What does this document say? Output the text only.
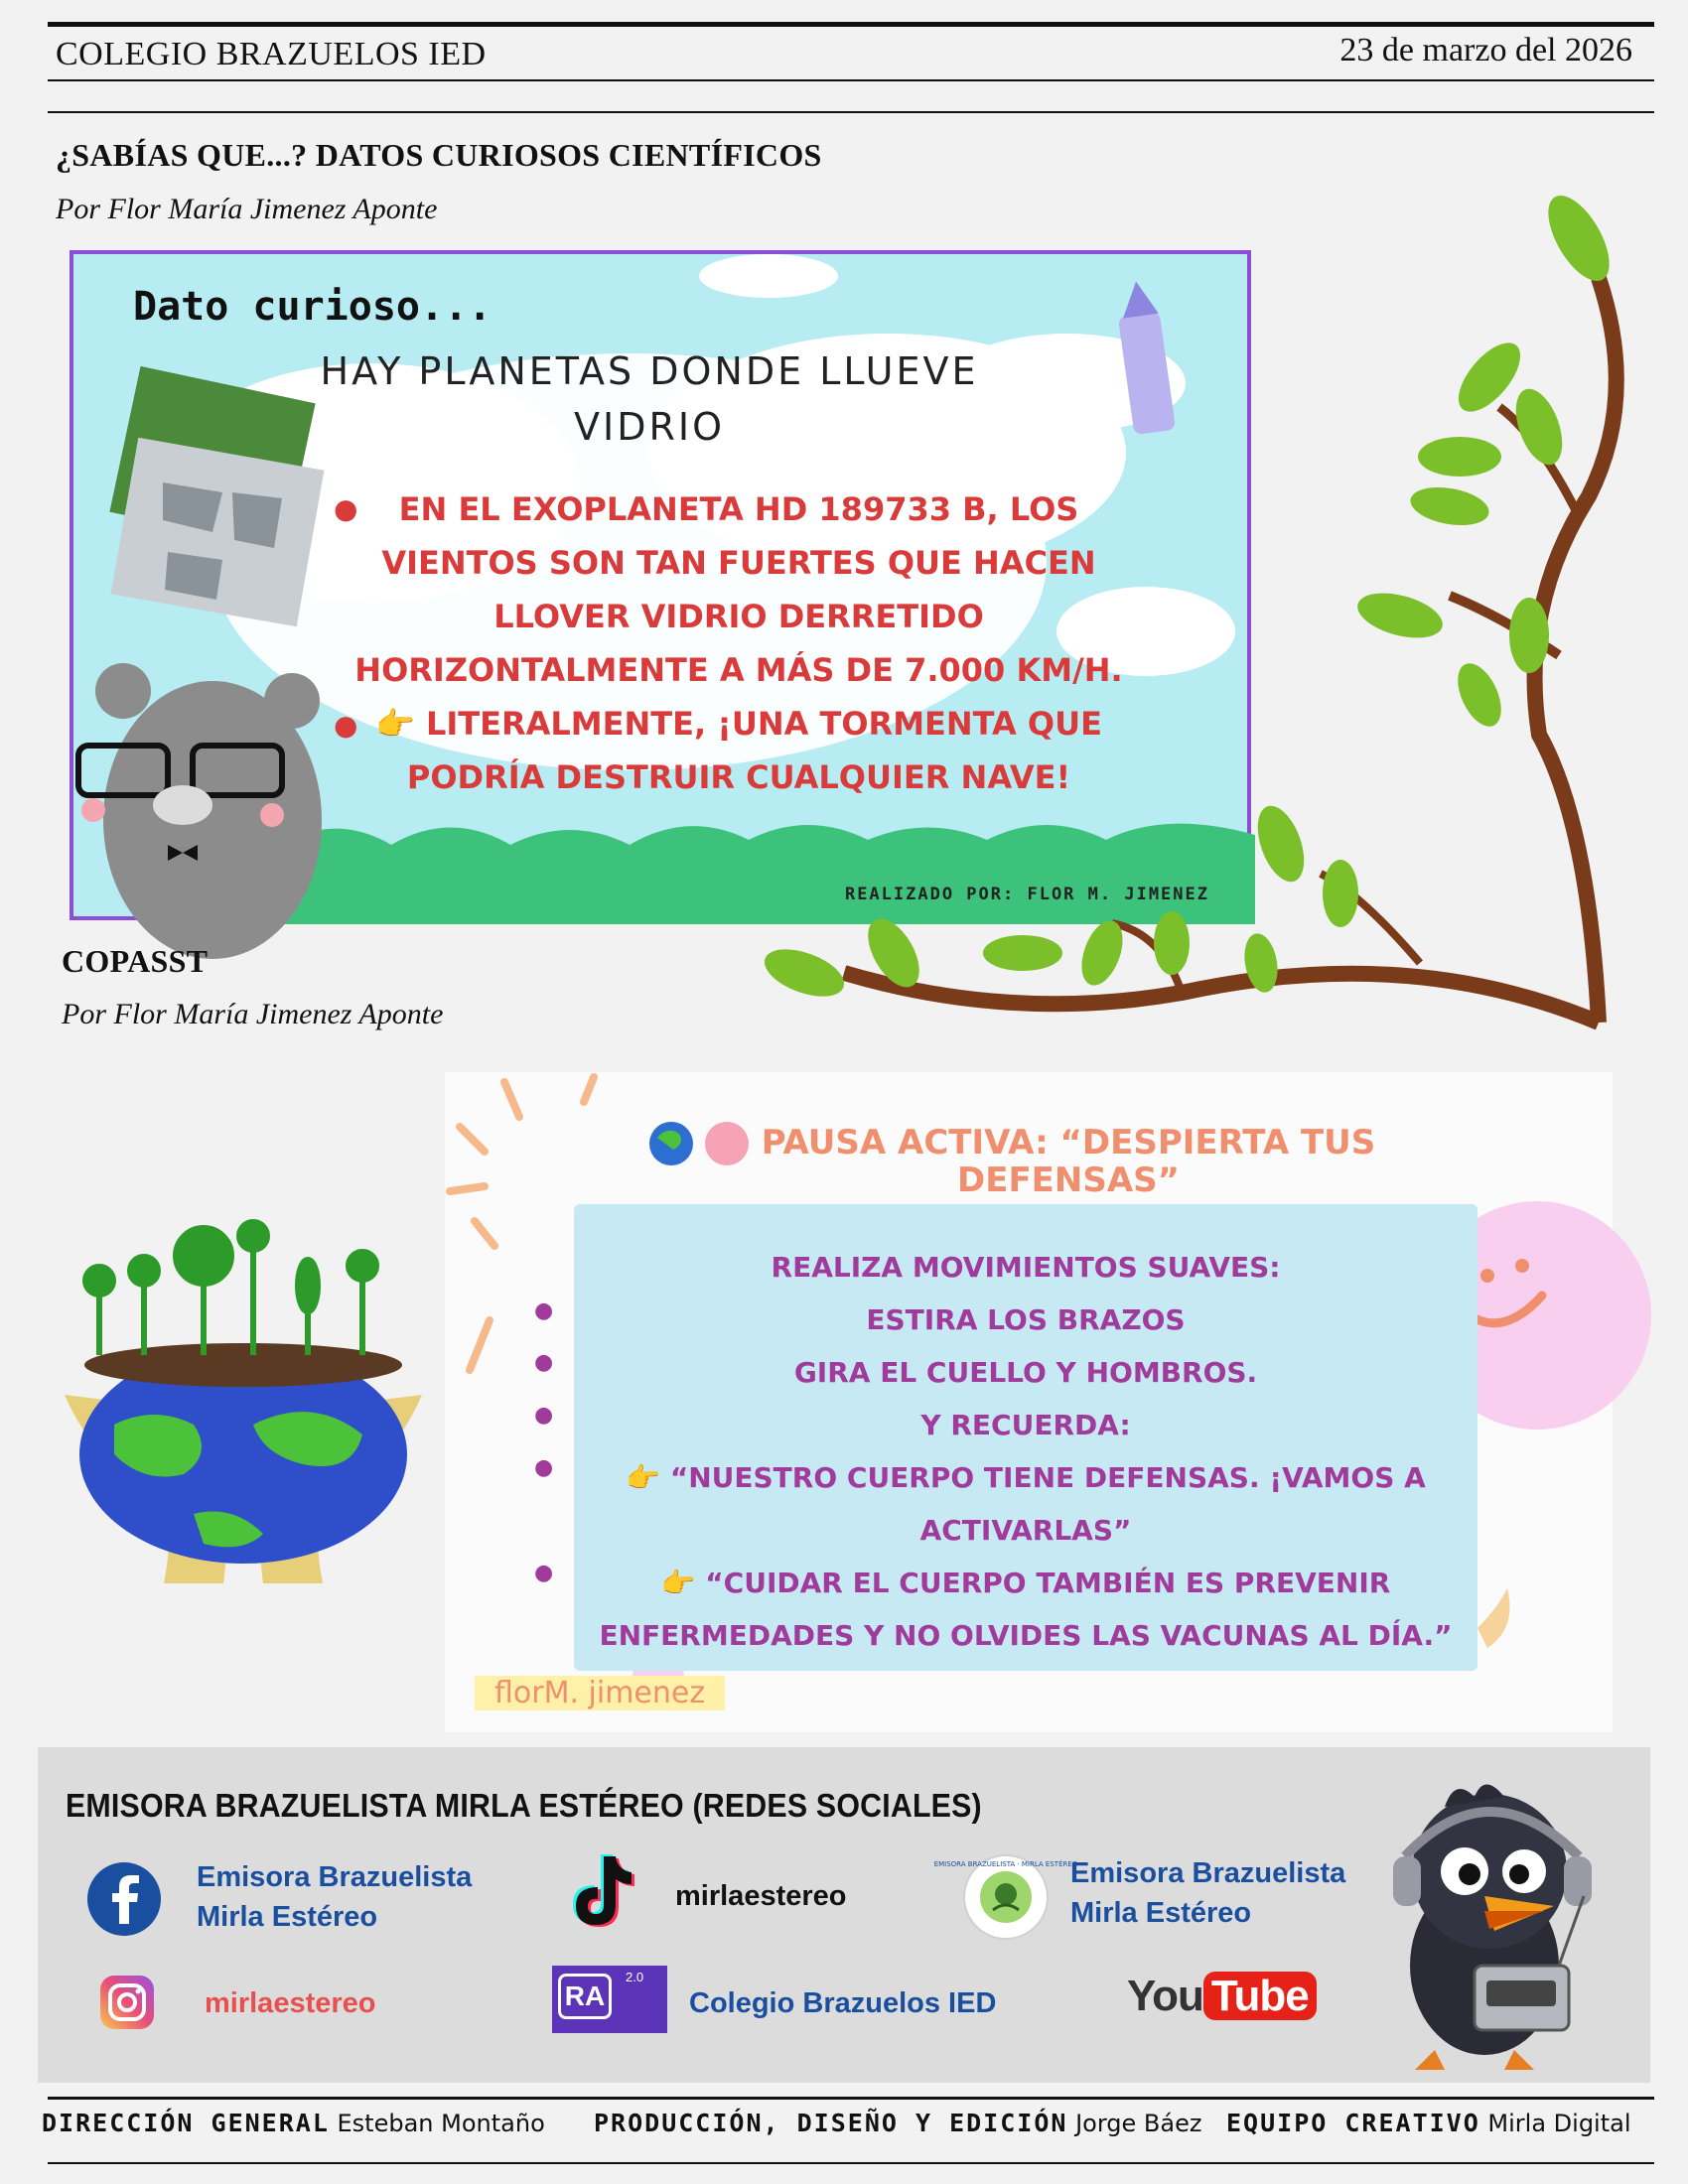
COLEGIO BRAZUELOS IED	23 de marzo del 2026
¿SABÍAS QUE...? DATOS CURIOSOS CIENTÍFICOS
Por Flor María Jimenez Aponte
Dato curioso...
HAY PLANETAS DONDE LLUEVE
VIDRIO
EN EL EXOPLANETA HD 189733 B, LOS
VIENTOS SON TAN FUERTES QUE HACEN
LLOVER VIDRIO DERRETIDO
HORIZONTALMENTE A MÁS DE 7.000 KM/H.
👉 LITERALMENTE, ¡UNA TORMENTA QUE
PODRÍA DESTRUIR CUALQUIER NAVE!
●
●
REALIZADO POR: FLOR M. JIMENEZ
COPASST
Por Flor María Jimenez Aponte
PAUSA ACTIVA: “DESPIERTA TUS
DEFENSAS”
REALIZA MOVIMIENTOS SUAVES:
ESTIRA LOS BRAZOS
GIRA EL CUELLO Y HOMBROS.
Y RECUERDA:
👉 “NUESTRO CUERPO TIENE DEFENSAS. ¡VAMOS A
ACTIVARLAS”
👉 “CUIDAR EL CUERPO TAMBIÉN ES PREVENIR
ENFERMEDADES Y NO OLVIDES LAS VACUNAS AL DÍA.”
●
●
●
●
●
florM. jimenez
EMISORA BRAZUELISTA MIRLA ESTÉREO (REDES SOCIALES)
Emisora Brazuelista
Mirla Estéreo
mirlaestereo
EMISORA BRAZUELISTA · MIRLA ESTÉREO
Emisora Brazuelista
Mirla Estéreo
mirlaestereo	RA
2.0
Colegio Brazuelos IED	You Tube
DIRECCIÓN GENERAL Esteban Montaño PRODUCCIÓN, DISEÑO Y EDICIÓN Jorge Báez EQUIPO CREATIVO Mirla Digital
